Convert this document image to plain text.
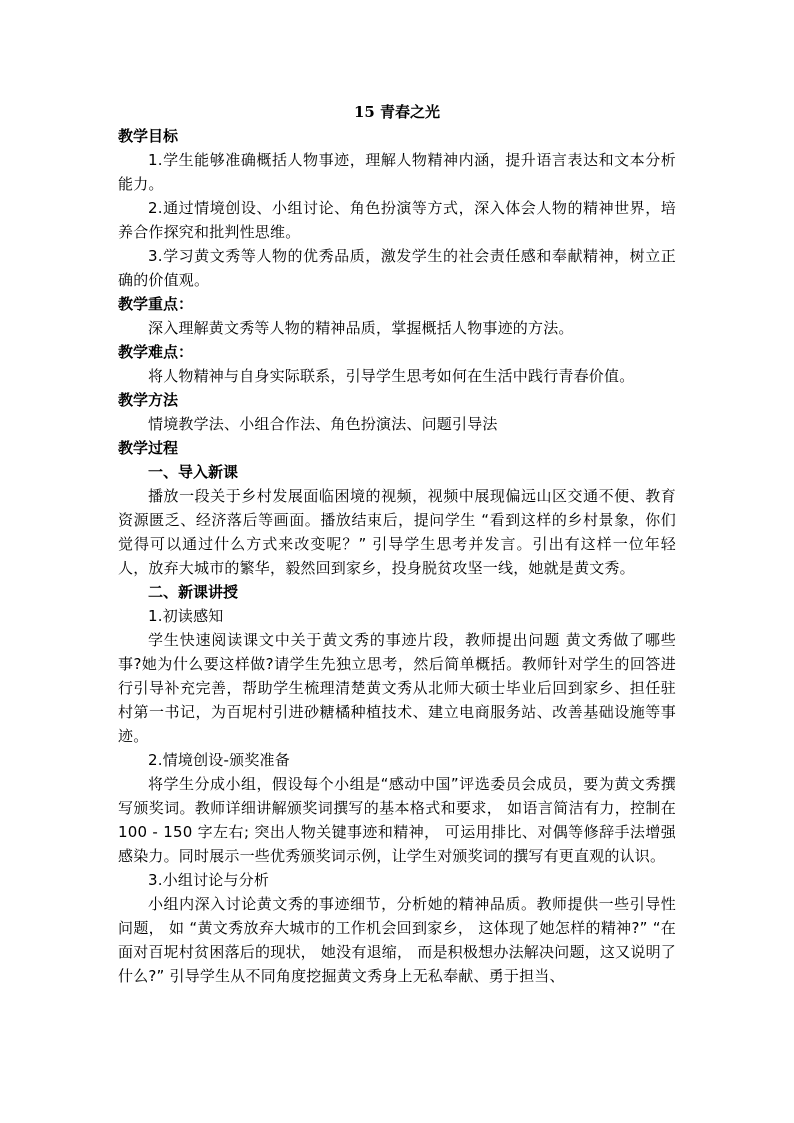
15 青春之光

教学目标

1.学生能够准确概括人物事迹，理解人物精神内涵，提升语言表达和文本分析能力。

2.通过情境创设、小组讨论、角色扮演等方式，深入体会人物的精神世界，培养合作探究和批判性思维。

3.学习黄文秀等人物的优秀品质，激发学生的社会责任感和奉献精神，树立正确的价值观。

教学重点：

深入理解黄文秀等人物的精神品质，掌握概括人物事迹的方法。

教学难点：

将人物精神与自身实际联系，引导学生思考如何在生活中践行青春价值。

教学方法

情境教学法、小组合作法、角色扮演法、问题引导法

教学过程

一、导入新课

播放一段关于乡村发展面临困境的视频，视频中展现偏远山区交通不便、教育资源匮乏、经济落后等画面。播放结束后，提问学生 “看到这样的乡村景象，你们觉得可以通过什么方式来改变呢？” 引导学生思考并发言。引出有这样一位年轻人，放弃大城市的繁华，毅然回到家乡，投身脱贫攻坚一线，她就是黄文秀。

二、新课讲授

1.初读感知

学生快速阅读课文中关于黄文秀的事迹片段，教师提出问题 黄文秀做了哪些事?她为什么要这样做?请学生先独立思考，然后简单概括。教师针对学生的回答进行引导补充完善，帮助学生梳理清楚黄文秀从北师大硕士毕业后回到家乡、担任驻村第一书记，为百坭村引进砂糖橘种植技术、建立电商服务站、改善基础设施等事迹。

2.情境创设-颁奖准备

将学生分成小组，假设每个小组是“感动中国”评选委员会成员，要为黄文秀撰写颁奖词。教师详细讲解颁奖词撰写的基本格式和要求， 如语言简洁有力，控制在 100 - 150 字左右; 突出人物关键事迹和精神， 可运用排比、对偶等修辞手法增强感染力。同时展示一些优秀颁奖词示例，让学生对颁奖词的撰写有更直观的认识。

3.小组讨论与分析

小组内深入讨论黄文秀的事迹细节，分析她的精神品质。教师提供一些引导性问题， 如 “黄文秀放弃大城市的工作机会回到家乡， 这体现了她怎样的精神?” “在面对百坭村贫困落后的现状， 她没有退缩， 而是积极想办法解决问题，这又说明了什么?” 引导学生从不同角度挖掘黄文秀身上无私奉献、勇于担当、
